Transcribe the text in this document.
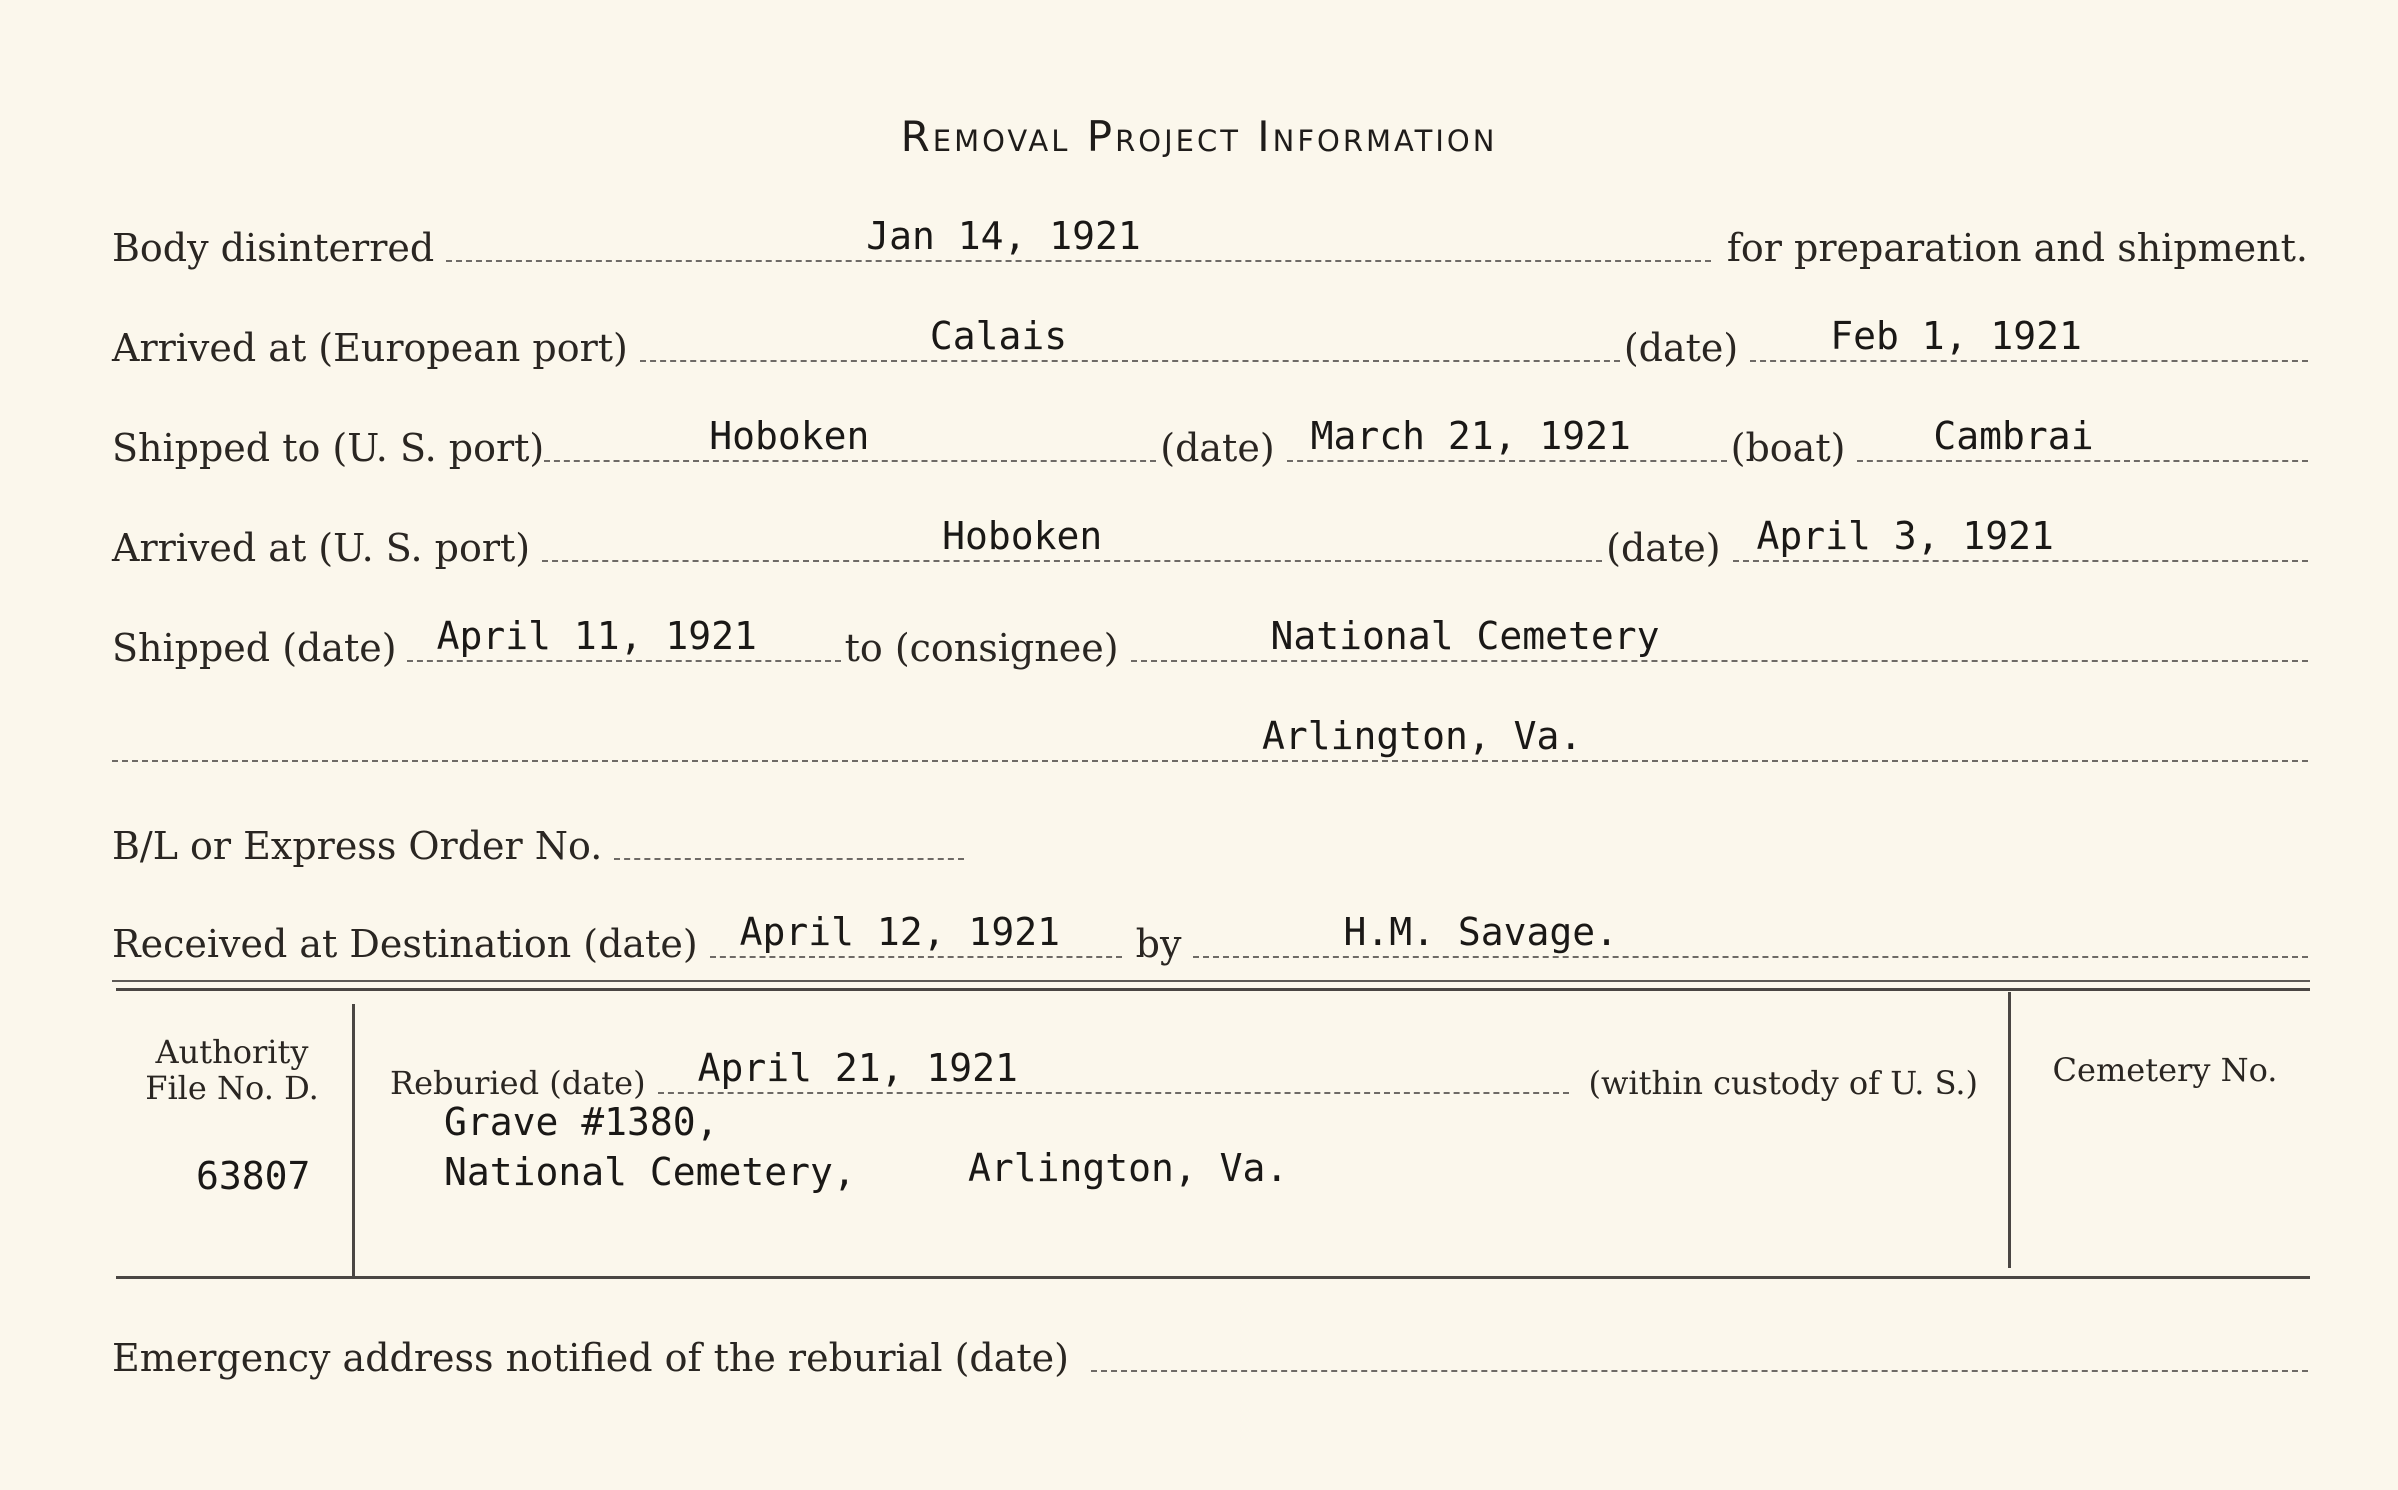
Removal Project Information
Body disinterred	Jan 14, 1921	for preparation and shipment.
Arrived at (European port)	Calais	(date) Feb 1, 1921
Shipped to (U. S. port)	Hoboken	(date) March 21, 1921	(boat) Cambrai
Arrived at (U. S. port)	Hoboken	(date) April 3, 1921
Shipped (date) April 11, 1921 to (consignee)	National Cemetery
Arlington, Va.
B/L or Express Order No.
Received at Destination (date) April 12, 1921 by	H.M. Savage.
Authority
File No. D.
63807
Reburied (date) April 21, 1921	(within custody of U. S.)
Grave #1380,
National Cemetery,	Arlington, Va.
Cemetery No.
Emergency address notified of the reburial (date)
